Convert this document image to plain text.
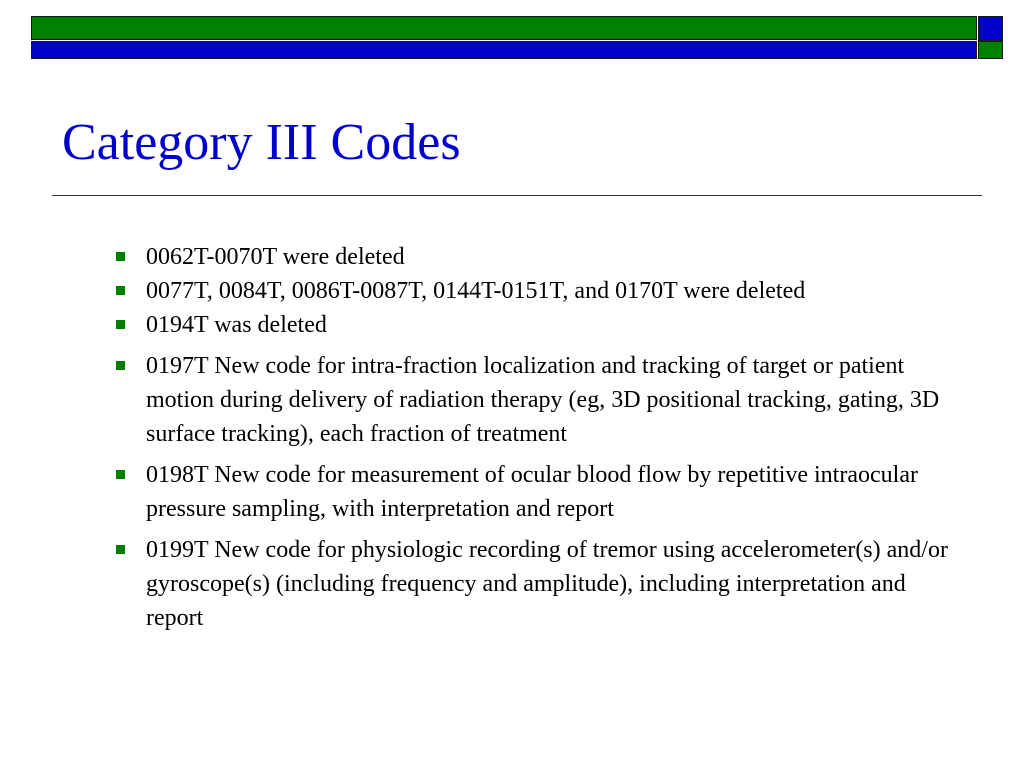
Category III Codes
0062T-0070T were deleted
0077T, 0084T, 0086T-0087T, 0144T-0151T, and 0170T were deleted
0194T was deleted
0197T New code for intra-fraction localization and tracking of target or patient motion during delivery of radiation therapy (eg, 3D positional tracking, gating, 3D surface tracking), each fraction of treatment
0198T New code for measurement of ocular blood flow by repetitive intraocular pressure sampling, with interpretation and report
0199T New code for physiologic recording of tremor using accelerometer(s) and/or gyroscope(s) (including frequency and amplitude), including interpretation and report
